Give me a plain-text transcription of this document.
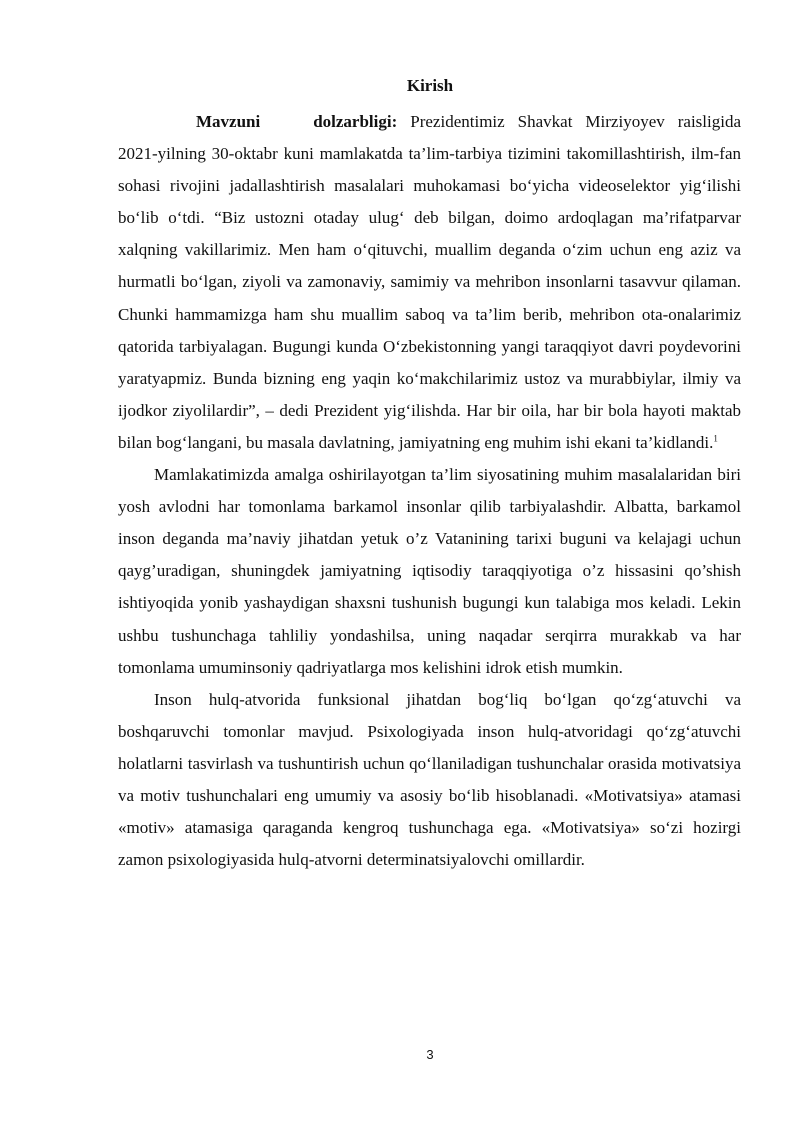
Kirish

Mavzuni dolzarbligi: Prezidentimiz Shavkat Mirziyoyev raisligida 2021-yilning 30-oktabr kuni mamlakatda ta’lim-tarbiya tizimini takomillashtirish, ilm-fan sohasi rivojini jadallashtirish masalalari muhokamasi bo‘yicha videoselektor yig‘ilishi bo‘lib o‘tdi. “Biz ustozni otaday ulug‘ deb bilgan, doimo ardoqlagan ma’rifatparvar xalqning vakillarimiz. Men ham o‘qituvchi, muallim deganda o‘zim uchun eng aziz va hurmatli bo‘lgan, ziyoli va zamonaviy, samimiy va mehribon insonlarni tasavvur qilaman. Chunki hammamizga ham shu muallim saboq va ta’lim berib, mehribon ota-onalarimiz qatorida tarbiyalagan. Bugungi kunda O‘zbekistonning yangi taraqqiyot davri poydevorini yaratyapmiz. Bunda bizning eng yaqin ko‘makchilarimiz ustoz va murabbiylar, ilmiy va ijodkor ziyolilardir”, – dedi Prezident yig‘ilishda. Har bir oila, har bir bola hayoti maktab bilan bog‘langani, bu masala davlatning, jamiyatning eng muhim ishi ekani ta’kidlandi.$^1$

Mamlakatimizda amalga oshirilayotgan ta’lim siyosatining muhim masalalaridan biri yosh avlodni har tomonlama barkamol insonlar qilib tarbiyalashdir. Albatta, barkamol inson deganda ma’naviy jihatdan yetuk o’z Vatanining tarixi buguni va kelajagi uchun qayg’uradigan, shuningdek jamiyatning iqtisodiy taraqqiyotiga o’z hissasini qo’shish ishtiyoqida yonib yashaydigan shaxsni tushunish bugungi kun talabiga mos keladi. Lekin ushbu tushunchaga tahliliy yondashilsa, uning naqadar serqirra murakkab va har tomonlama umuminsoniy qadriyatlarga mos kelishini idrok etish mumkin.

Inson hulq-atvorida funksional jihatdan bog‘liq bo‘lgan qo‘zg‘atuvchi va boshqaruvchi tomonlar mavjud. Psixologiyada inson hulq-atvoridagi qo‘zg‘atuvchi holatlarni tasvirlash va tushuntirish uchun qo‘llaniladigan tushunchalar orasida motivatsiya va motiv tushunchalari eng umumiy va asosiy bo‘lib hisoblanadi. «Motivatsiya» atamasi «motiv» atamasiga qaraganda kengroq tushunchaga ega. «Motivatsiya» so‘zi hozirgi zamon psixologiyasida hulq-atvorni determinatsiyalovchi omillardir.

3
